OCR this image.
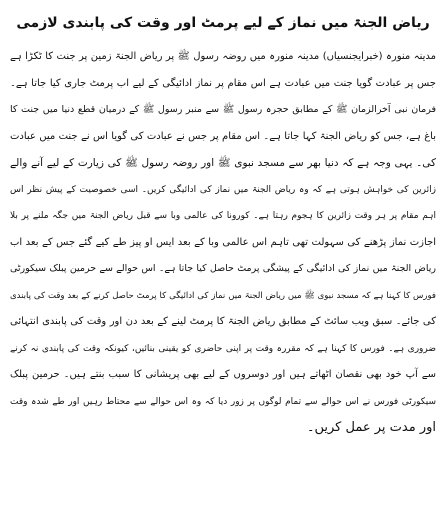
ریاض الجنۃ میں نماز کے لیے پرمٹ اور وقت کی پابندی لازمی
مدینہ منورہ (خبرایجنسیاں) مدینہ منورہ میں روضہ رسول ﷺ پر ریاض الجنۃ زمین پر جنت کا ٹکڑا ہے
جس پر عبادت گویا جنت میں عبادت ہے اس مقام پر نماز ادائیگی کے لیے اب پرمٹ جاری کیا جاتا ہے۔
فرمان نبی آخرالزمان ﷺ کے مطابق حجرہ رسول ﷺ سے منبر رسول ﷺ کے درمیان قطع دنیا میں جنت کا
باغ ہے، جس کو ریاض الجنۃ کہا جاتا ہے۔ اس مقام پر جس نے عبادت کی گویا اس نے جنت میں عبادت
کی۔ یہی وجہ ہے کہ دنیا بھر سے مسجد نبوی ﷺ اور روضہ رسول ﷺ کی زیارت کے لیے آنے والے
زائرین کی خواہش ہوتی ہے کہ وہ ریاض الجنۃ میں نماز کی ادائیگی کریں۔ اسی خصوصیت کے پیش نظر اس
اہم مقام پر ہر وقت زائرین کا ہجوم رہتا ہے۔ کورونا کی عالمی وبا سے قبل ریاض الجنۃ میں جگہ ملنے پر بلا
اجازت نماز پڑھنے کی سہولت تھی تاہم اس عالمی وبا کے بعد ایس او پیز طے کیے گئے جس کے بعد اب
ریاض الجنۃ میں نماز کی ادائیگی کے پیشگی پرمٹ حاصل کیا جاتا ہے۔ اس حوالے سے حرمین پبلک سیکورٹی
فورس کا کہنا ہے کہ مسجد نبوی ﷺ میں ریاض الجنۃ میں نماز کی ادائیگی کا پرمٹ حاصل کرنے کے بعد وقت کی پابندی
کی جائے۔ سبق ویب سائٹ کے مطابق ریاض الجنۃ کا پرمٹ لینے کے بعد دن اور وقت کی پابندی انتہائی
ضروری ہے۔ فورس کا کہنا ہے کہ مقررہ وقت پر اپنی حاضری کو یقینی بنائیں، کیونکہ وقت کی پابندی نہ کرنے
سے آپ خود بھی نقصان اٹھاتے ہیں اور دوسروں کے لیے بھی پریشانی کا سبب بنتے ہیں۔ حرمین پبلک
سیکورٹی فورس نے اس حوالے سے تمام لوگوں پر زور دیا کہ وہ اس حوالے سے محتاط رہیں اور طے شدہ وقت
اور مدت پر عمل کریں۔
